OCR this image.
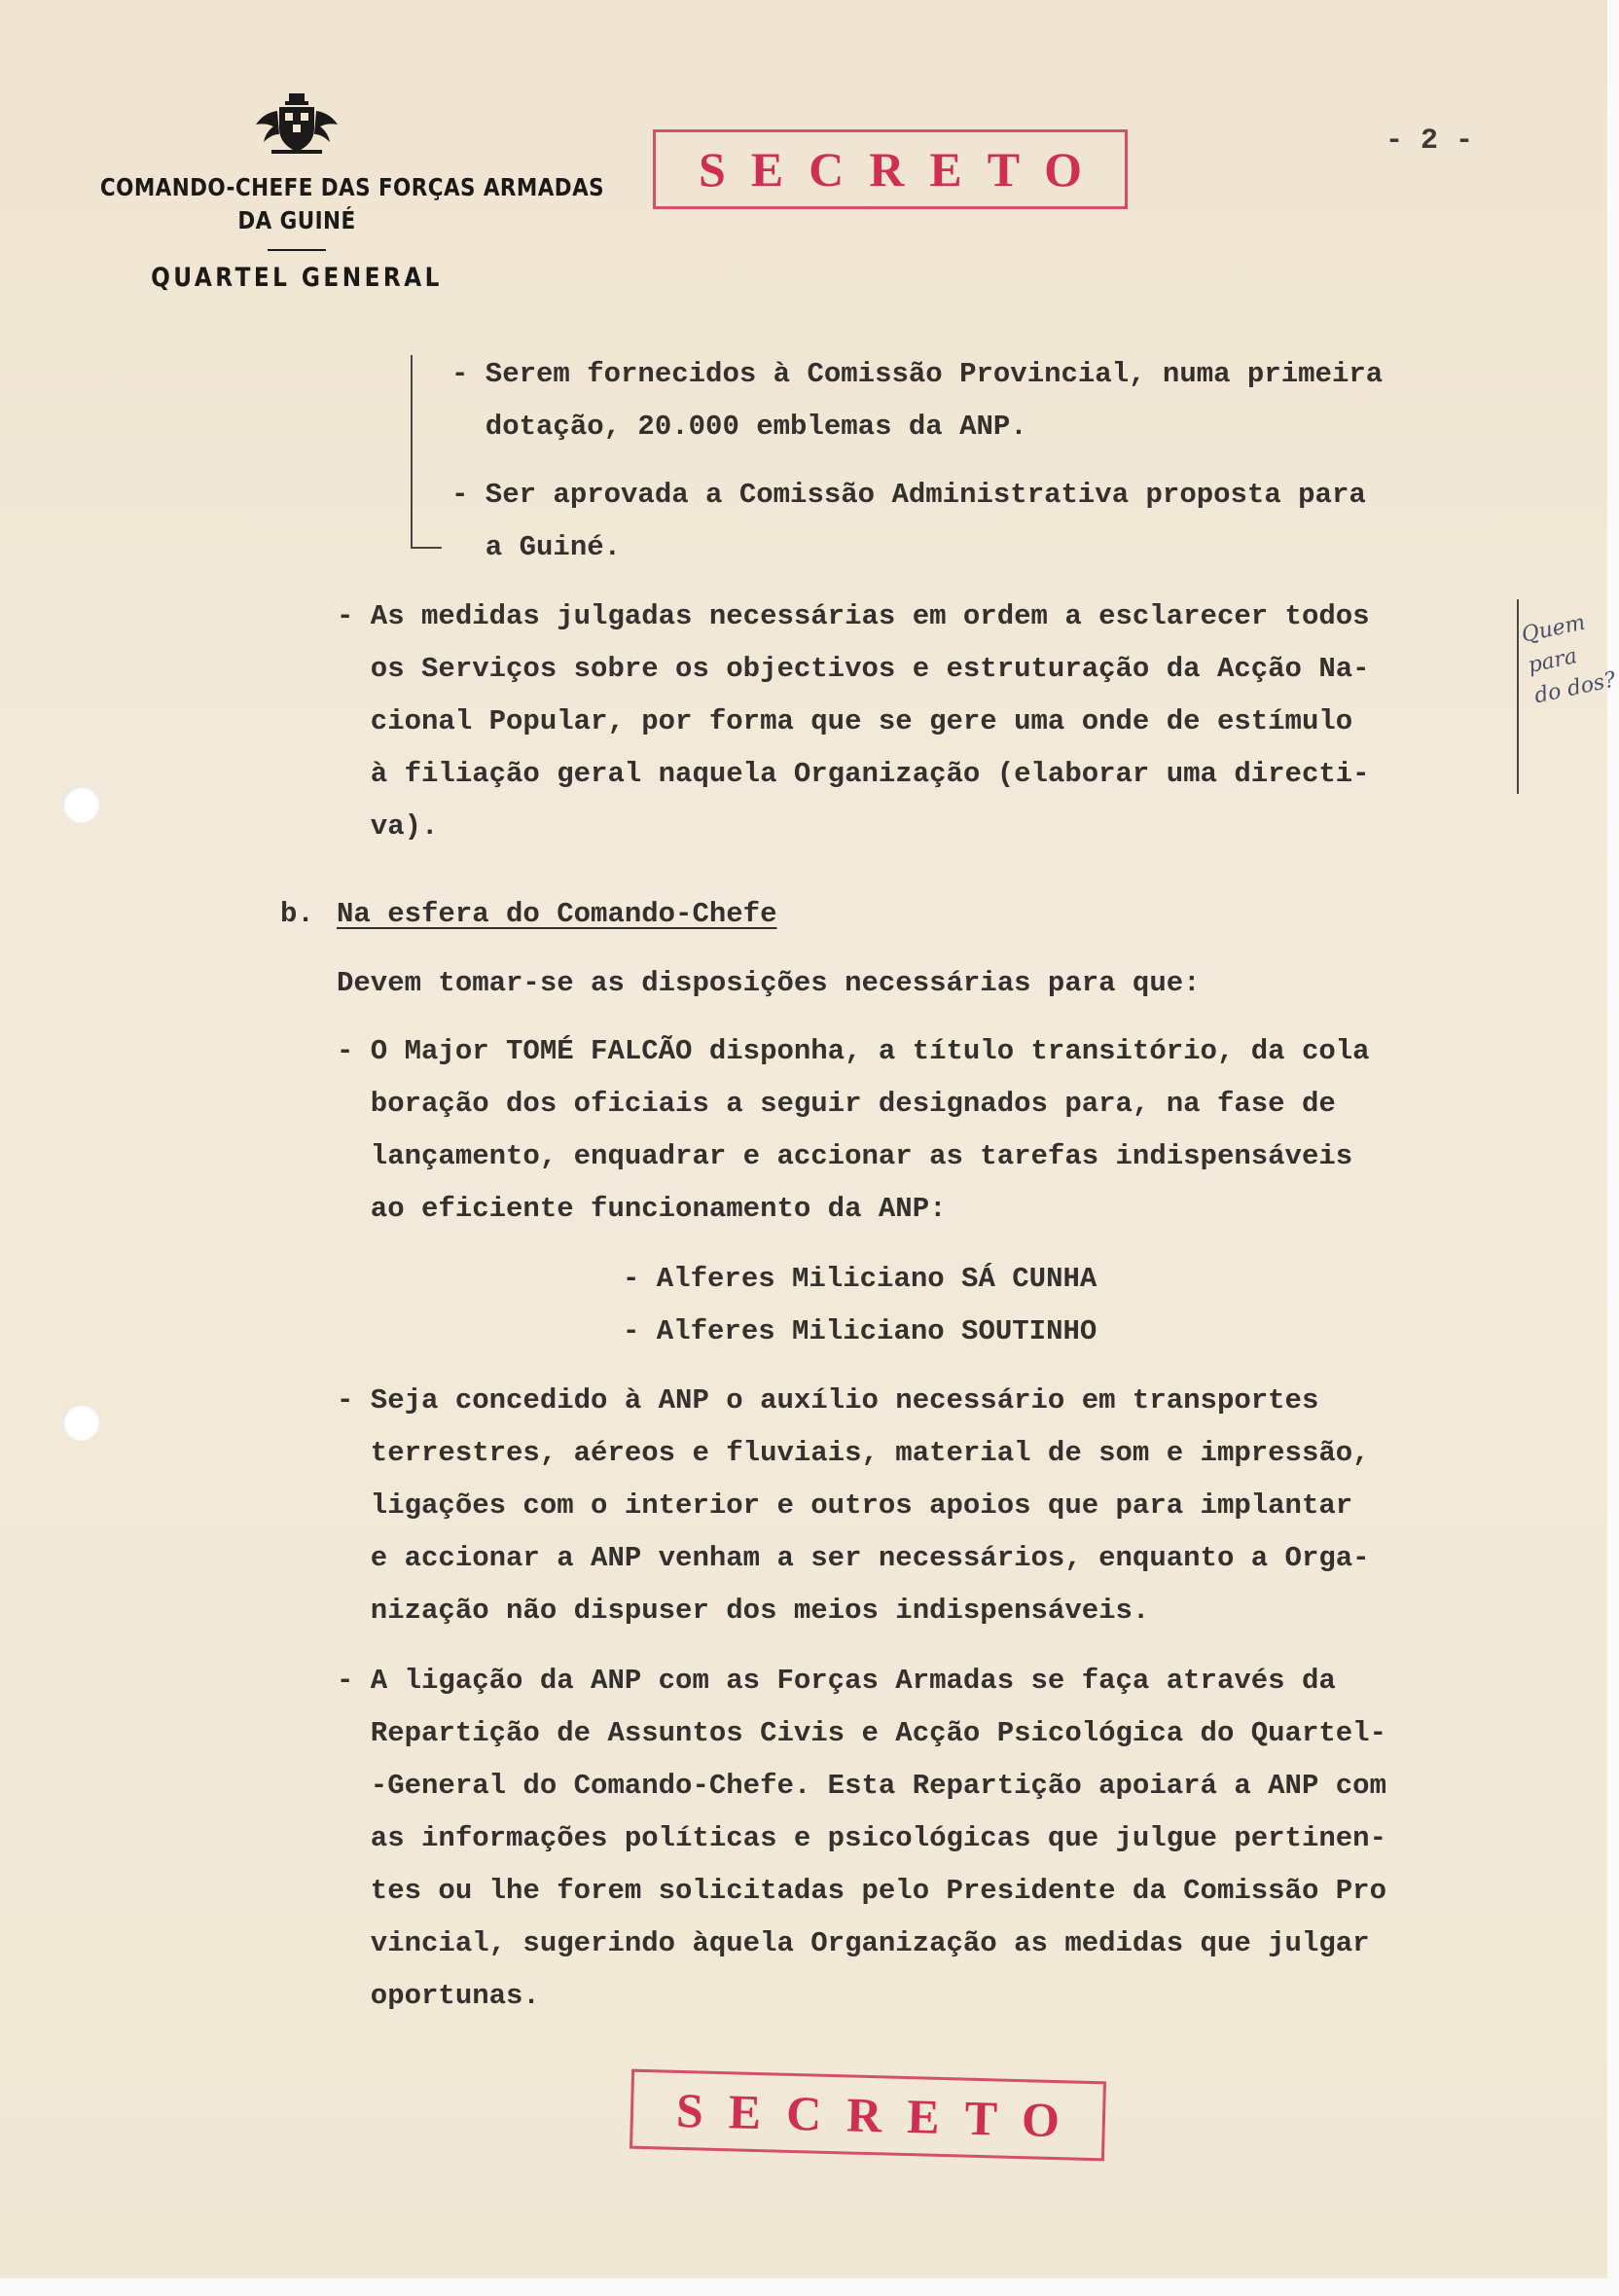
COMANDO-CHEFE DAS FORÇAS ARMADAS
DA GUINÉ
QUARTEL GENERAL
SECRETO
- 2 -
- Serem fornecidos à Comissão Provincial, numa primeira
dotação, 20.000 emblemas da ANP.
- Ser aprovada a Comissão Administrativa proposta para
a Guiné.
- As medidas julgadas necessárias em ordem a esclarecer todos
os Serviços sobre os objectivos e estruturação da Acção Na-
cional Popular, por forma que se gere uma onde de estímulo
à filiação geral naquela Organização (elaborar uma directi-
va).
b. Na esfera do Comando-Chefe
Devem tomar-se as disposições necessárias para que:
- O Major TOMÉ FALCÃO disponha, a título transitório, da cola
boração dos oficiais a seguir designados para, na fase de
lançamento, enquadrar e accionar as tarefas indispensáveis
ao eficiente funcionamento da ANP:
- Alferes Miliciano SÁ CUNHA
- Alferes Miliciano SOUTINHO
- Seja concedido à ANP o auxílio necessário em transportes
terrestres, aéreos e fluviais, material de som e impressão,
ligações com o interior e outros apoios que para implantar
e accionar a ANP venham a ser necessários, enquanto a Orga-
nização não dispuser dos meios indispensáveis.
- A ligação da ANP com as Forças Armadas se faça através da
Repartição de Assuntos Civis e Acção Psicológica do Quartel-
-General do Comando-Chefe. Esta Repartição apoiará a ANP com
as informações políticas e psicológicas que julgue pertinen-
tes ou lhe forem solicitadas pelo Presidente da Comissão Pro
vincial, sugerindo àquela Organização as medidas que julgar
oportunas.
Quem
para
do dos?
SECRETO
